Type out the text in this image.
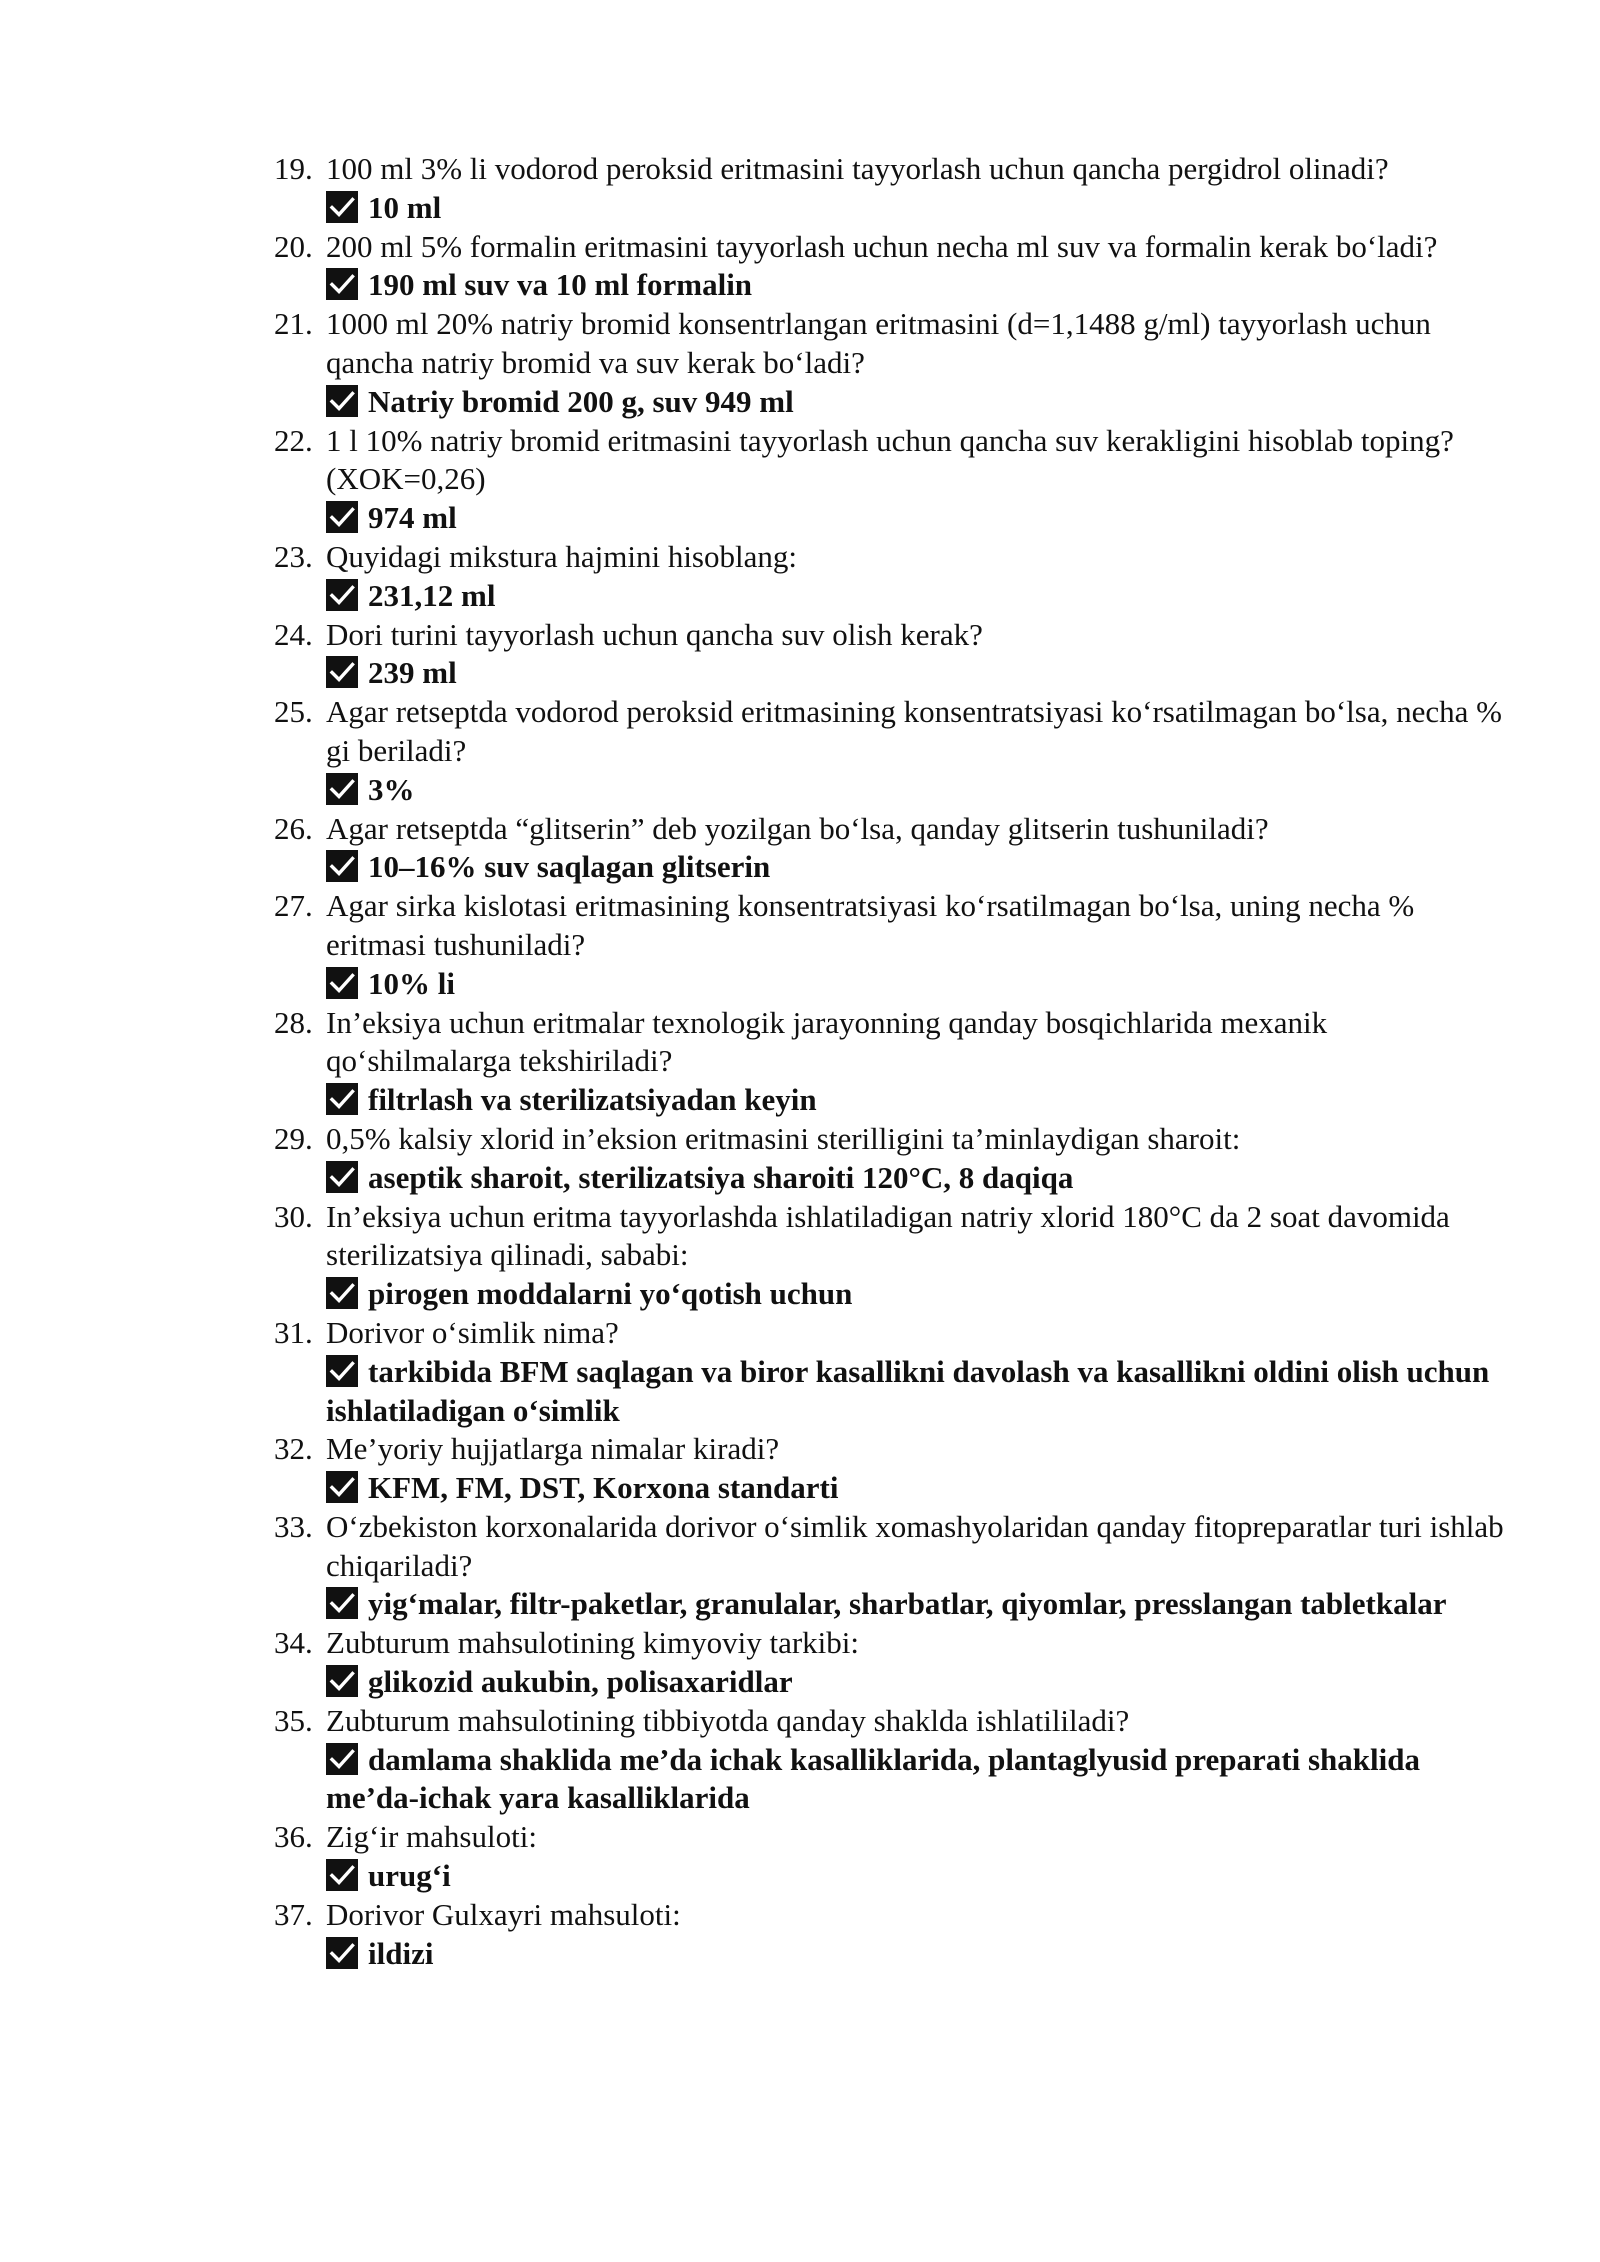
19. 100 ml 3% li vodorod peroksid eritmasini tayyorlash uchun qancha pergidrol olinadi?
10 ml
20. 200 ml 5% formalin eritmasini tayyorlash uchun necha ml suv va formalin kerak bo‘ladi?
190 ml suv va 10 ml formalin
21. 1000 ml 20% natriy bromid konsentrlangan eritmasini (d=1,1488 g/ml) tayyorlash uchun qancha natriy bromid va suv kerak bo‘ladi?
Natriy bromid 200 g, suv 949 ml
22. 1 l 10% natriy bromid eritmasini tayyorlash uchun qancha suv kerakligini hisoblab toping? (XOK=0,26)
974 ml
23. Quyidagi mikstura hajmini hisoblang:
231,12 ml
24. Dori turini tayyorlash uchun qancha suv olish kerak?
239 ml
25. Agar retseptda vodorod peroksid eritmasining konsentratsiyasi ko‘rsatilmagan bo‘lsa, necha % gi beriladi?
3%
26. Agar retseptda “glitserin” deb yozilgan bo‘lsa, qanday glitserin tushuniladi?
10–16% suv saqlagan glitserin
27. Agar sirka kislotasi eritmasining konsentratsiyasi ko‘rsatilmagan bo‘lsa, uning necha % eritmasi tushuniladi?
10% li
28. In’eksiya uchun eritmalar texnologik jarayonning qanday bosqichlarida mexanik qo‘shilmalarga tekshiriladi?
filtrlash va sterilizatsiyadan keyin
29. 0,5% kalsiy xlorid in’eksion eritmasini sterilligini ta’minlaydigan sharoit:
aseptik sharoit, sterilizatsiya sharoiti 120°C, 8 daqiqa
30. In’eksiya uchun eritma tayyorlashda ishlatiladigan natriy xlorid 180°C da 2 soat davomida sterilizatsiya qilinadi, sababi:
pirogen moddalarni yo‘qotish uchun
31. Dorivor o‘simlik nima?
tarkibida BFM saqlagan va biror kasallikni davolash va kasallikni oldini olish uchun ishlatiladigan o‘simlik
32. Me’yoriy hujjatlarga nimalar kiradi?
KFM, FM, DST, Korxona standarti
33. O‘zbekiston korxonalarida dorivor o‘simlik xomashyolaridan qanday fitopreparatlar turi ishlab chiqariladi?
yig‘malar, filtr-paketlar, granulalar, sharbatlar, qiyomlar, presslangan tabletkalar
34. Zubturum mahsulotining kimyoviy tarkibi:
glikozid aukubin, polisaxaridlar
35. Zubturum mahsulotining tibbiyotda qanday shaklda ishlatililadi?
damlama shaklida me’da ichak kasalliklarida, plantaglyusid preparati shaklida me’da-ichak yara kasalliklarida
36. Zig‘ir mahsuloti:
urug‘i
37. Dorivor Gulxayri mahsuloti:
ildizi
